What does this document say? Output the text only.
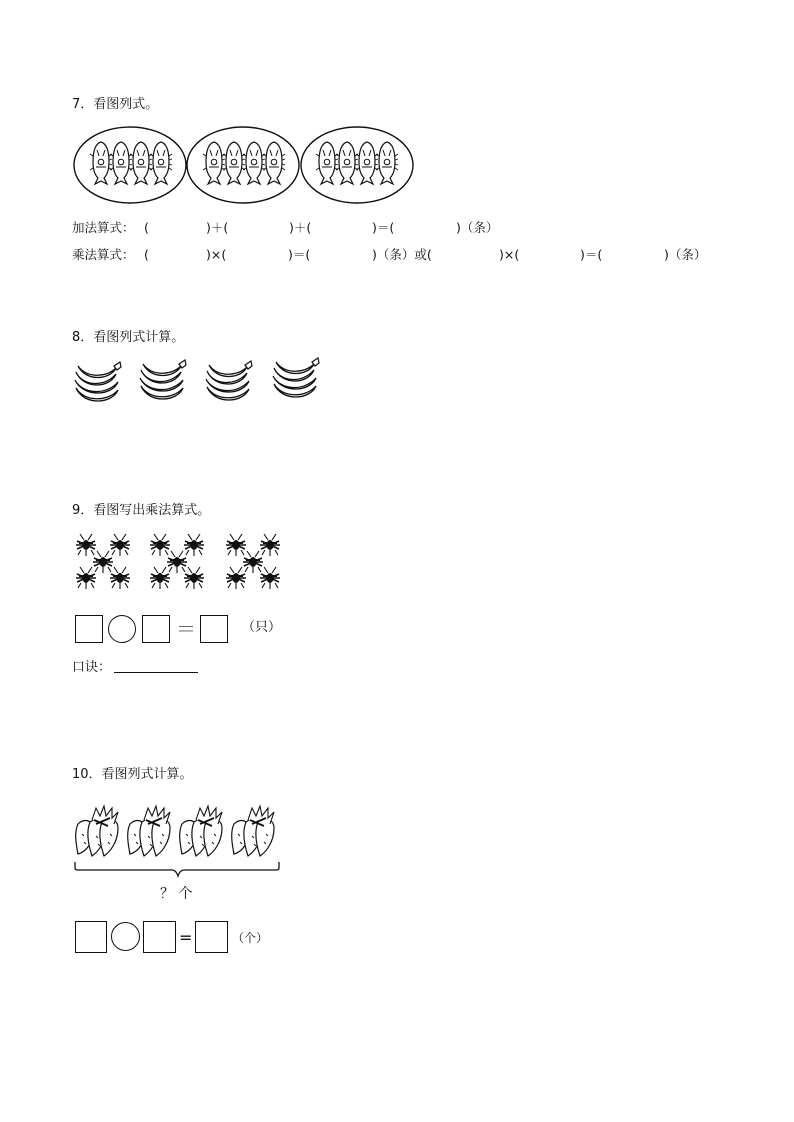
7．看图列式。
加法算式： (	)＋(	)＋(	)＝(	)（条）
乘法算式： (	)×(	)＝(	)（条）或(	)×(	)＝(	)（条）
8．看图列式计算。
9．看图写出乘法算式。
＝	（只）
口诀：
10．看图列式计算。
？ 个
=	（个）
